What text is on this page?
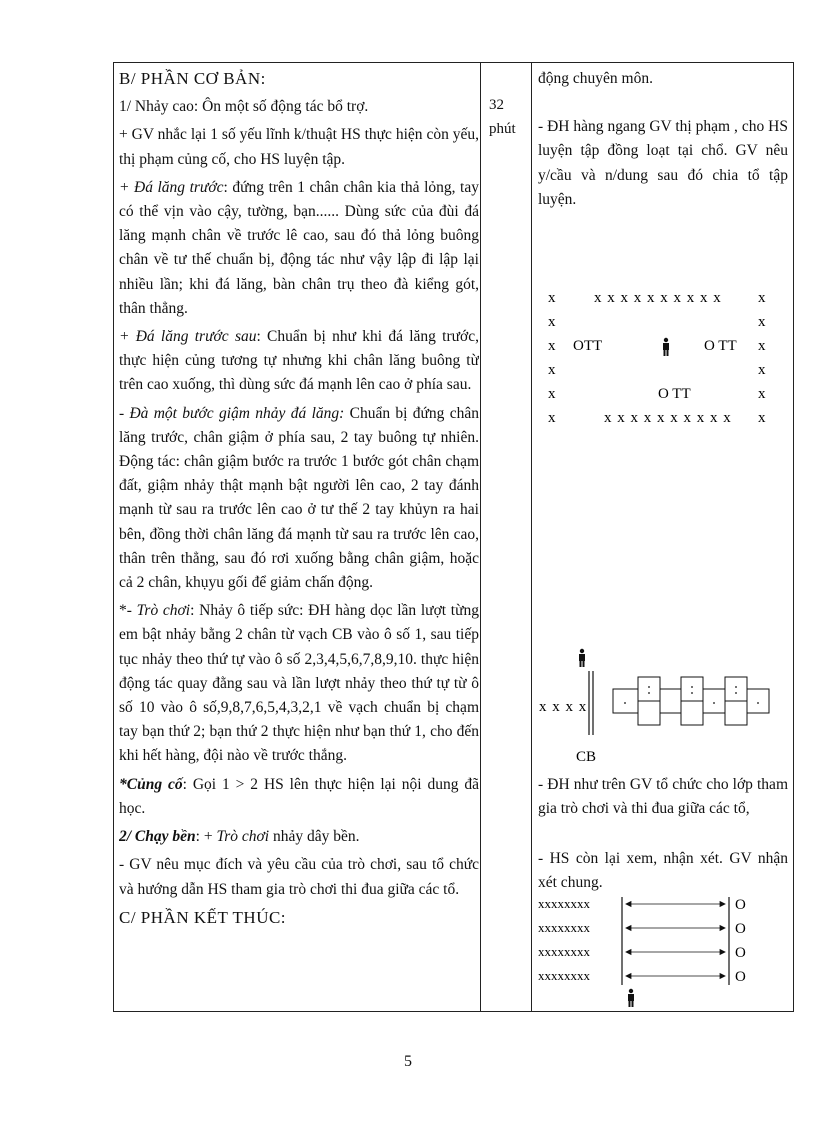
B/ PHẦN CƠ BẢN:

1/ Nhảy cao: Ôn một số động tác bổ trợ.

+ GV nhắc lại 1 số yếu lĩnh k/thuật HS thực hiện còn yếu, thị phạm củng cố, cho HS luyện tập.

+ Đá lăng trước: đứng trên 1 chân chân kia thả lỏng, tay có thể vịn vào cậy, tường, bạn...... Dùng sức của đùi đá lăng mạnh chân về trước lê cao, sau đó thả lỏng buông chân về tư thế chuẩn bị, động tác như vậy lập đi lập lại nhiều lần; khi đá lăng, bàn chân trụ theo đà kiểng gót, thân thẳng.

+ Đá lăng trước sau: Chuẩn bị như khi đá lăng trước, thực hiện củng tương tự nhưng khi chân lăng buông từ trên cao xuống, thì dùng sức đá mạnh lên cao ở phía sau.

- Đà một bước giậm nhảy đá lăng: Chuẩn bị đứng chân lăng trước, chân giậm ở phía sau, 2 tay buông tự nhiên. Động tác: chân giậm bước ra trước 1 bước gót chân chạm đất, giậm nhảy thật mạnh bật người lên cao, 2 tay đánh mạnh từ sau ra trước lên cao ở tư thế 2 tay khủyn ra hai bên, đồng thời chân lăng đá mạnh từ sau ra trước lên cao, thân trên thẳng, sau đó rơi xuống bằng chân giậm, hoặc cả 2 chân, khụyu gối để giảm chấn động.

*- Trò chơi: Nhảy ô tiếp sức: ĐH hàng dọc lần lượt từng em bật nhảy bằng 2 chân từ vạch CB vào ô số 1, sau tiếp tục nhảy theo thứ tự vào ô số 2,3,4,5,6,7,8,9,10. thực hiện động tác quay đằng sau và lần lượt nhảy theo thứ tự từ ô số 10 vào ô số,9,8,7,6,5,4,3,2,1 về vạch chuẩn bị chạm tay bạn thứ 2; bạn thứ 2 thực hiện như bạn thứ 1, cho đến khi hết hàng, đội nào về trước thắng.

*Củng cố: Gọi 1 > 2 HS lên thực hiện lại nội dung đã học.

2/ Chạy bền: + Trò chơi nhảy dây bền.

- GV nêu mục đích và yêu cầu của trò chơi, sau tổ chức và hướng dẫn HS tham gia trò chơi thi đua giữa các tổ.

C/ PHẦN KẾT THÚC:

32
phút

động chuyên môn.

- ĐH hàng ngang GV thị phạm , cho HS luyện tập đồng loạt tại chổ. GV nêu y/cầu và n/dung sau đó chia tổ tập luyện.

x	x x x x x x x x x x x
x	x
x OTT	O TT x
x	x
x	O TT	x
x	x x x x x x x x x x x
x x x x
CB

- ĐH như trên GV tổ chức cho lớp tham gia trò chơi và thi đua giữa các tổ,

- HS còn lại xem, nhận xét. GV nhận xét chung.

xxxxxxxx
xxxxxxxx
xxxxxxxx
xxxxxxxx
O
O
O
O
5
